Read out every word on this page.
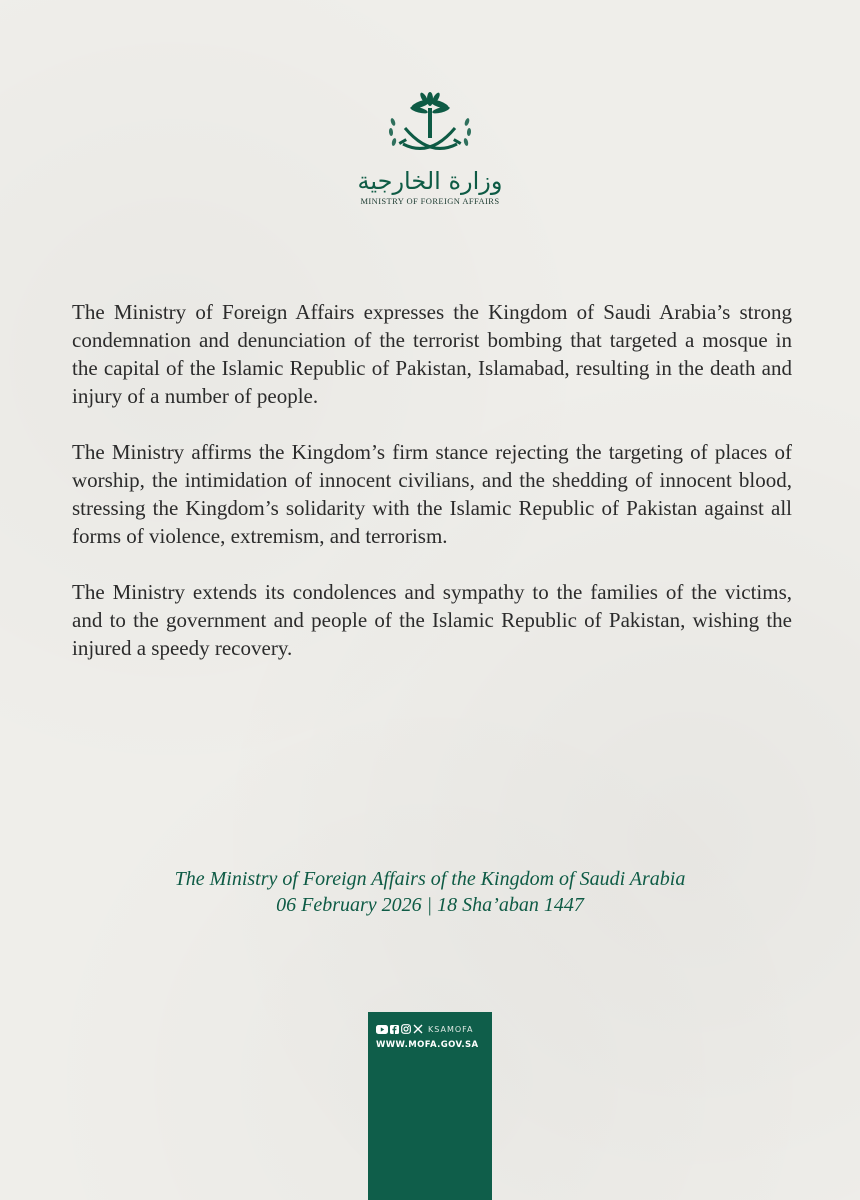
وزارة الخارجية
MINISTRY OF FOREIGN AFFAIRS

The Ministry of Foreign Affairs expresses the Kingdom of Saudi Arabia’s strong condemnation and denunciation of the terrorist bombing that targeted a mosque in the capital of the Islamic Republic of Pakistan, Islamabad, resulting in the death and injury of a number of people.

The Ministry affirms the Kingdom’s firm stance rejecting the targeting of places of worship, the intimidation of innocent civilians, and the shedding of innocent blood, stressing the Kingdom’s solidarity with the Islamic Republic of Pakistan against all forms of violence, extremism, and terrorism.

The Ministry extends its condolences and sympathy to the families of the victims, and to the government and people of the Islamic Republic of Pakistan, wishing the injured a speedy recovery.

The Ministry of Foreign Affairs of the Kingdom of Saudi Arabia
06 February 2026 | 18 Sha’aban 1447
KSAMOFA
WWW.MOFA.GOV.SA
